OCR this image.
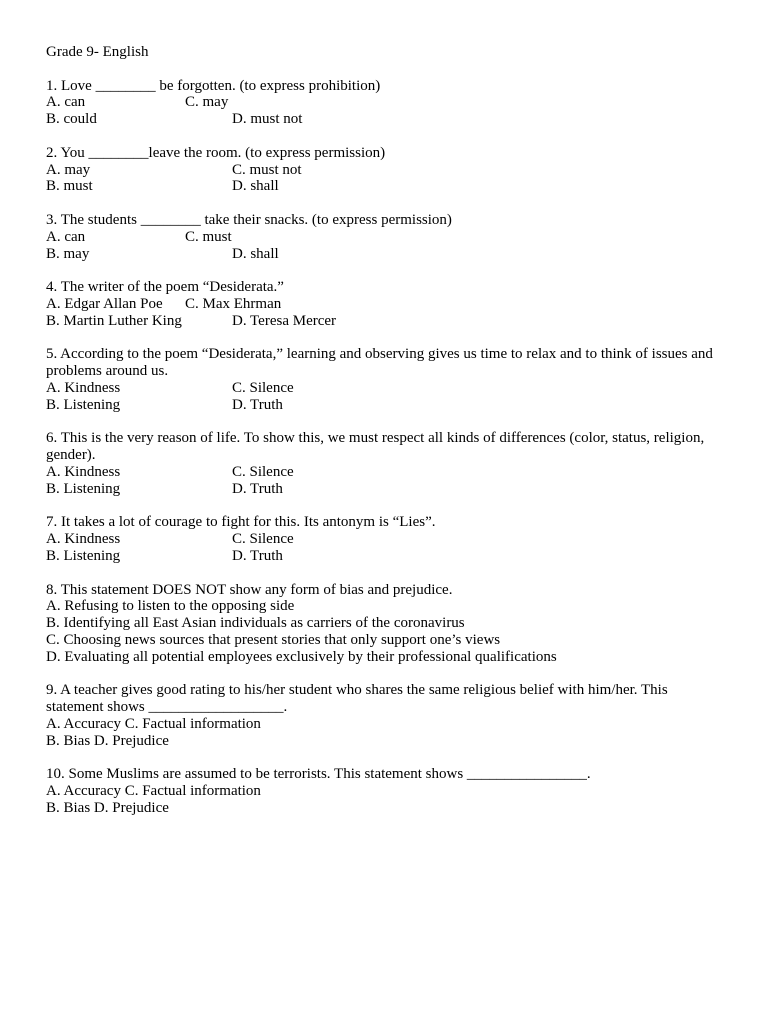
Grade 9- English

1. Love ________ be forgotten. (to express prohibition)

A. can	C. may
B. could	D. must not

2. You ________leave the room. (to express permission)

A. may	C. must not
B. must	D. shall

3. The students ________ take their snacks. (to express permission)

A. can	C. must
B. may	D. shall

4. The writer of the poem “Desiderata.”

A. Edgar Allan Poe	C. Max Ehrman
B. Martin Luther King	D. Teresa Mercer

5. According to the poem “Desiderata,” learning and observing gives us time to relax and to think of issues and problems around us.

A. Kindness	C. Silence
B. Listening	D. Truth

6. This is the very reason of life. To show this, we must respect all kinds of differences (color, status, religion, gender).

A. Kindness	C. Silence
B. Listening	D. Truth

7. It takes a lot of courage to fight for this. Its antonym is “Lies”.

A. Kindness	C. Silence
B. Listening	D. Truth

8. This statement DOES NOT show any form of bias and prejudice.

A. Refusing to listen to the opposing side

B. Identifying all East Asian individuals as carriers of the coronavirus

C. Choosing news sources that present stories that only support one’s views

D. Evaluating all potential employees exclusively by their professional qualifications

9. A teacher gives good rating to his/her student who shares the same religious belief with him/her. This statement shows __________________.

A. Accuracy C. Factual information

B. Bias D. Prejudice

10. Some Muslims are assumed to be terrorists. This statement shows ________________.

A. Accuracy C. Factual information

B. Bias D. Prejudice
